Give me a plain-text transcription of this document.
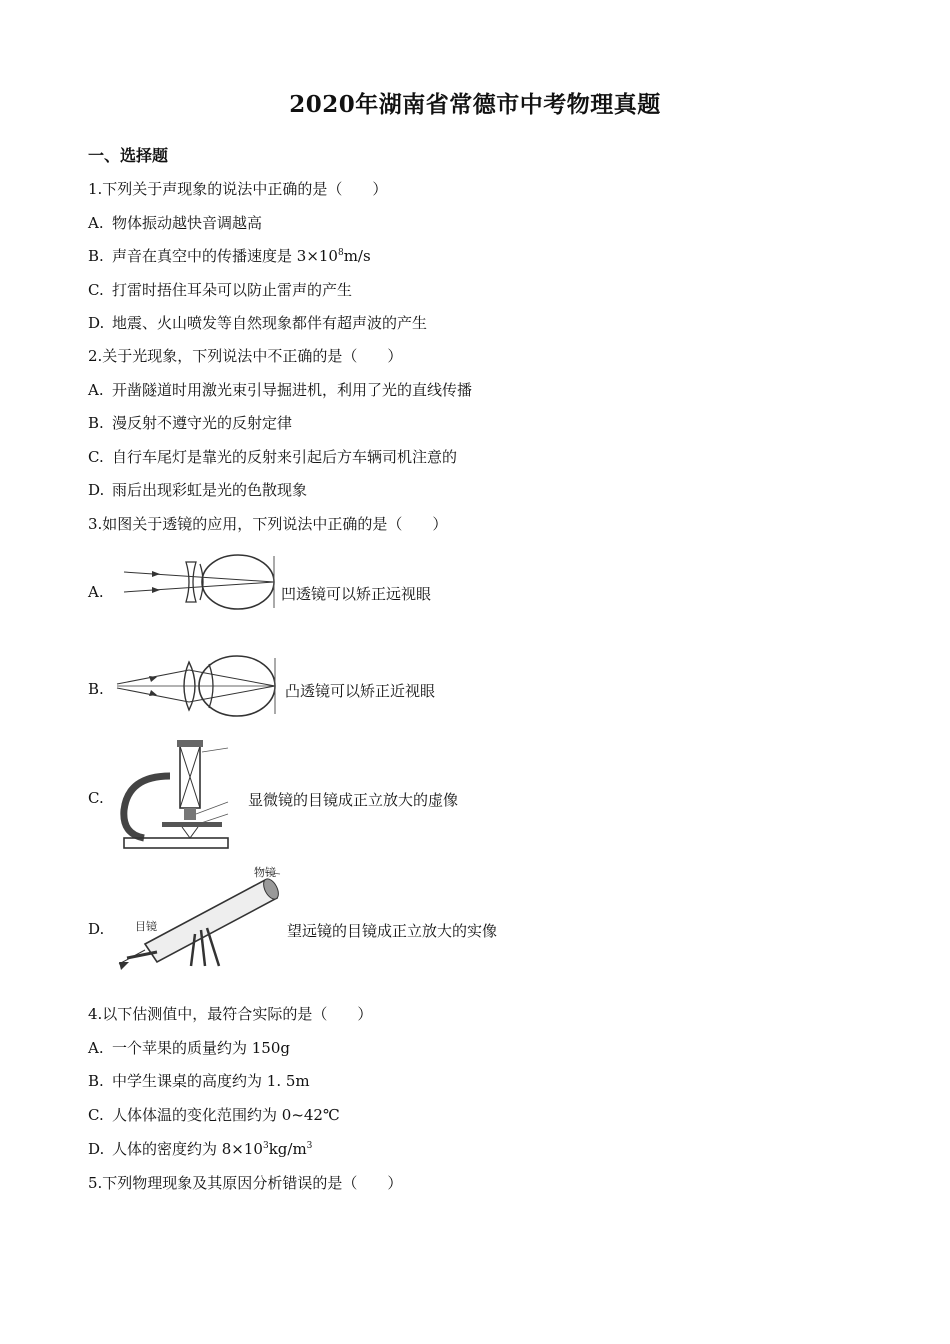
2020年湖南省常德市中考物理真题
一、选择题
1.下列关于声现象的说法中正确的是（　　）
A. 物体振动越快音调越高
B. 声音在真空中的传播速度是 $3\times 10^8m/s$
C. 打雷时捂住耳朵可以防止雷声的产生
D. 地震、火山喷发等自然现象都伴有超声波的产生
2.关于光现象，下列说法中不正确的是（　　）
A. 开凿隧道时用激光束引导掘进机，利用了光的直线传播
B. 漫反射不遵守光的反射定律
C. 自行车尾灯是靠光的反射来引起后方车辆司机注意的
D. 雨后出现彩虹是光的色散现象
3.如图关于透镜的应用，下列说法中正确的是（　　）
A.	凹透镜可以矫正远视眼
B.	凸透镜可以矫正近视眼
C.	显微镜的目镜成正立放大的虚像
D.
物镜
目镜	望远镜的目镜成正立放大的实像
4.以下估测值中，最符合实际的是（　　）
A. 一个苹果的质量约为 150g
B. 中学生课桌的高度约为 1. 5m
C. 人体体温的变化范围约为 0~42℃
D. 人体的密度约为 $8\times 10^3kg/m^3$
5.下列物理现象及其原因分析错误的是（　　）
